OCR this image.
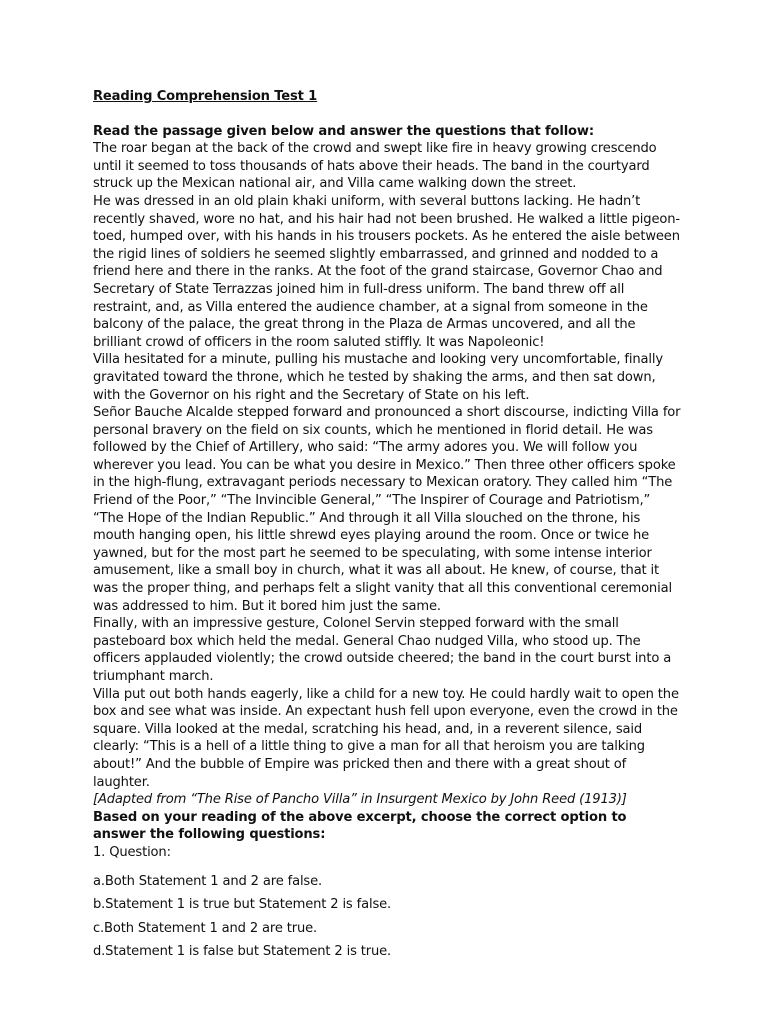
Reading Comprehension Test 1

Read the passage given below and answer the questions that follow:

The roar began at the back of the crowd and swept like fire in heavy growing crescendo until it seemed to toss thousands of hats above their heads. The band in the courtyard struck up the Mexican national air, and Villa came walking down the street.

He was dressed in an old plain khaki uniform, with several buttons lacking. He hadn’t recently shaved, wore no hat, and his hair had not been brushed. He walked a little pigeon-toed, humped over, with his hands in his trousers pockets. As he entered the aisle between the rigid lines of soldiers he seemed slightly embarrassed, and grinned and nodded to a friend here and there in the ranks. At the foot of the grand staircase, Governor Chao and Secretary of State Terrazzas joined him in full-dress uniform. The band threw off all restraint, and, as Villa entered the audience chamber, at a signal from someone in the balcony of the palace, the great throng in the Plaza de Armas uncovered, and all the brilliant crowd of officers in the room saluted stiffly. It was Napoleonic!

Villa hesitated for a minute, pulling his mustache and looking very uncomfortable, finally gravitated toward the throne, which he tested by shaking the arms, and then sat down, with the Governor on his right and the Secretary of State on his left.

Señor Bauche Alcalde stepped forward and pronounced a short discourse, indicting Villa for personal bravery on the field on six counts, which he mentioned in florid detail. He was followed by the Chief of Artillery, who said: “The army adores you. We will follow you wherever you lead. You can be what you desire in Mexico.” Then three other officers spoke in the high-flung, extravagant periods necessary to Mexican oratory. They called him “The Friend of the Poor,” “The Invincible General,” “The Inspirer of Courage and Patriotism,” “The Hope of the Indian Republic.” And through it all Villa slouched on the throne, his mouth hanging open, his little shrewd eyes playing around the room. Once or twice he yawned, but for the most part he seemed to be speculating, with some intense interior amusement, like a small boy in church, what it was all about. He knew, of course, that it was the proper thing, and perhaps felt a slight vanity that all this conventional ceremonial was addressed to him. But it bored him just the same.

Finally, with an impressive gesture, Colonel Servin stepped forward with the small pasteboard box which held the medal. General Chao nudged Villa, who stood up. The officers applauded violently; the crowd outside cheered; the band in the court burst into a triumphant march.

Villa put out both hands eagerly, like a child for a new toy. He could hardly wait to open the box and see what was inside. An expectant hush fell upon everyone, even the crowd in the square. Villa looked at the medal, scratching his head, and, in a reverent silence, said clearly: “This is a hell of a little thing to give a man for all that heroism you are talking about!” And the bubble of Empire was pricked then and there with a great shout of laughter.

[Adapted from “The Rise of Pancho Villa” in Insurgent Mexico by John Reed (1913)]

Based on your reading of the above excerpt, choose the correct option to answer the following questions:

1. Question:

a.Both Statement 1 and 2 are false.
b.Statement 1 is true but Statement 2 is false.
c.Both Statement 1 and 2 are true.
d.Statement 1 is false but Statement 2 is true.
